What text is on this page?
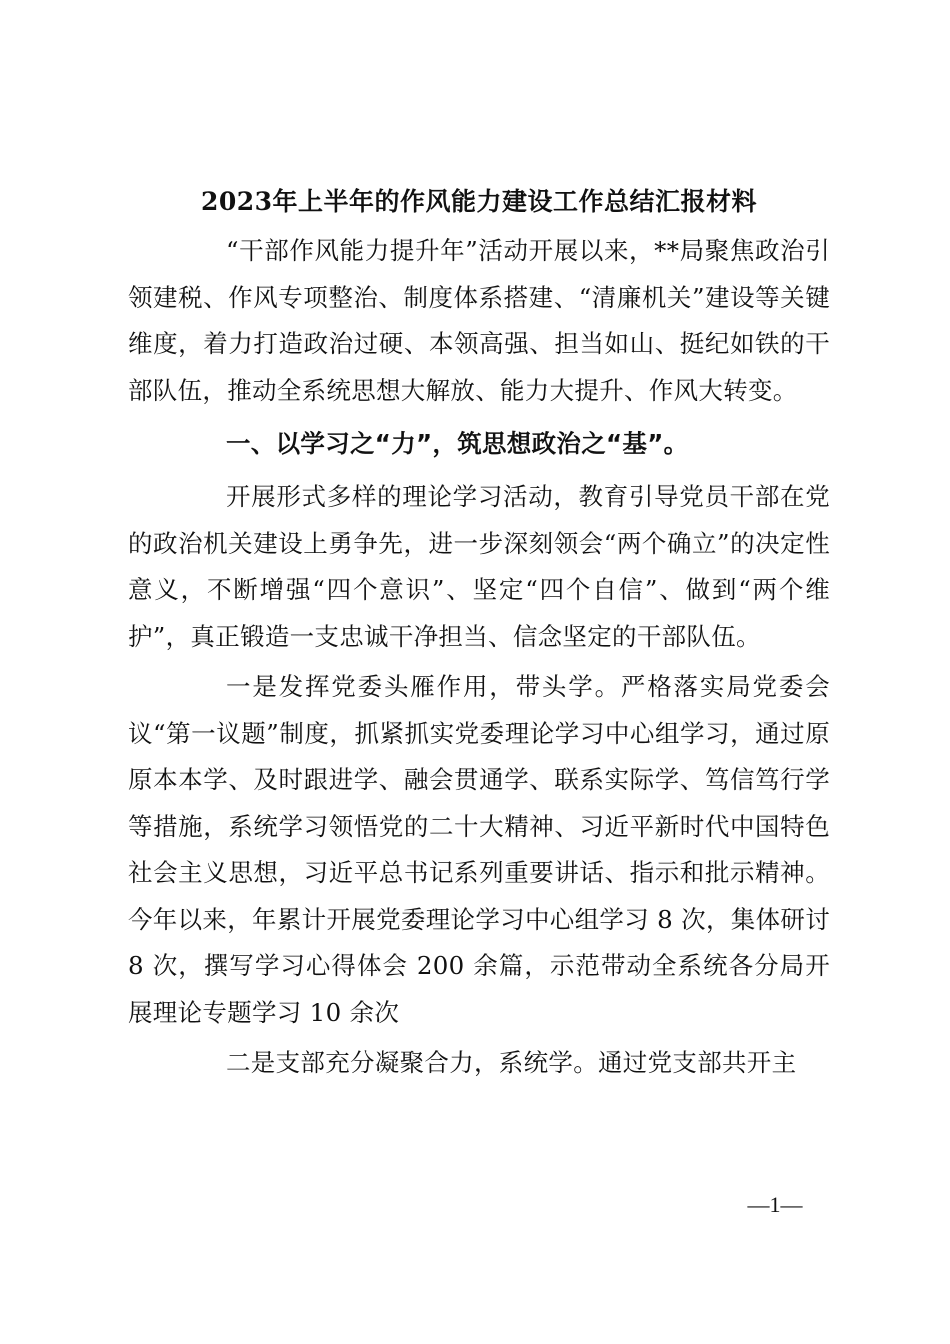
2023年上半年的作风能力建设工作总结汇报材料

“干部作风能力提升年”活动开展以来，**局聚焦政治引领建税、作风专项整治、制度体系搭建、“清廉机关”建设等关键维度，着力打造政治过硬、本领高强、担当如山、挺纪如铁的干部队伍，推动全系统思想大解放、能力大提升、作风大转变。

一、以学习之“力”，筑思想政治之“基”。

开展形式多样的理论学习活动，教育引导党员干部在党的政治机关建设上勇争先，进一步深刻领会“两个确立”的决定性意义，不断增强“四个意识”、坚定“四个自信”、做到“两个维护”，真正锻造一支忠诚干净担当、信念坚定的干部队伍。

一是发挥党委头雁作用，带头学。严格落实局党委会议“第一议题”制度，抓紧抓实党委理论学习中心组学习，通过原原本本学、及时跟进学、融会贯通学、联系实际学、笃信笃行学等措施，系统学习领悟党的二十大精神、习近平新时代中国特色社会主义思想，习近平总书记系列重要讲话、指示和批示精神。今年以来，年累计开展党委理论学习中心组学习 8 次，集体研讨 8 次，撰写学习心得体会 200 余篇，示范带动全系统各分局开展理论专题学习 10 余次

二是支部充分凝聚合力，系统学。通过党支部共开主

—1—
